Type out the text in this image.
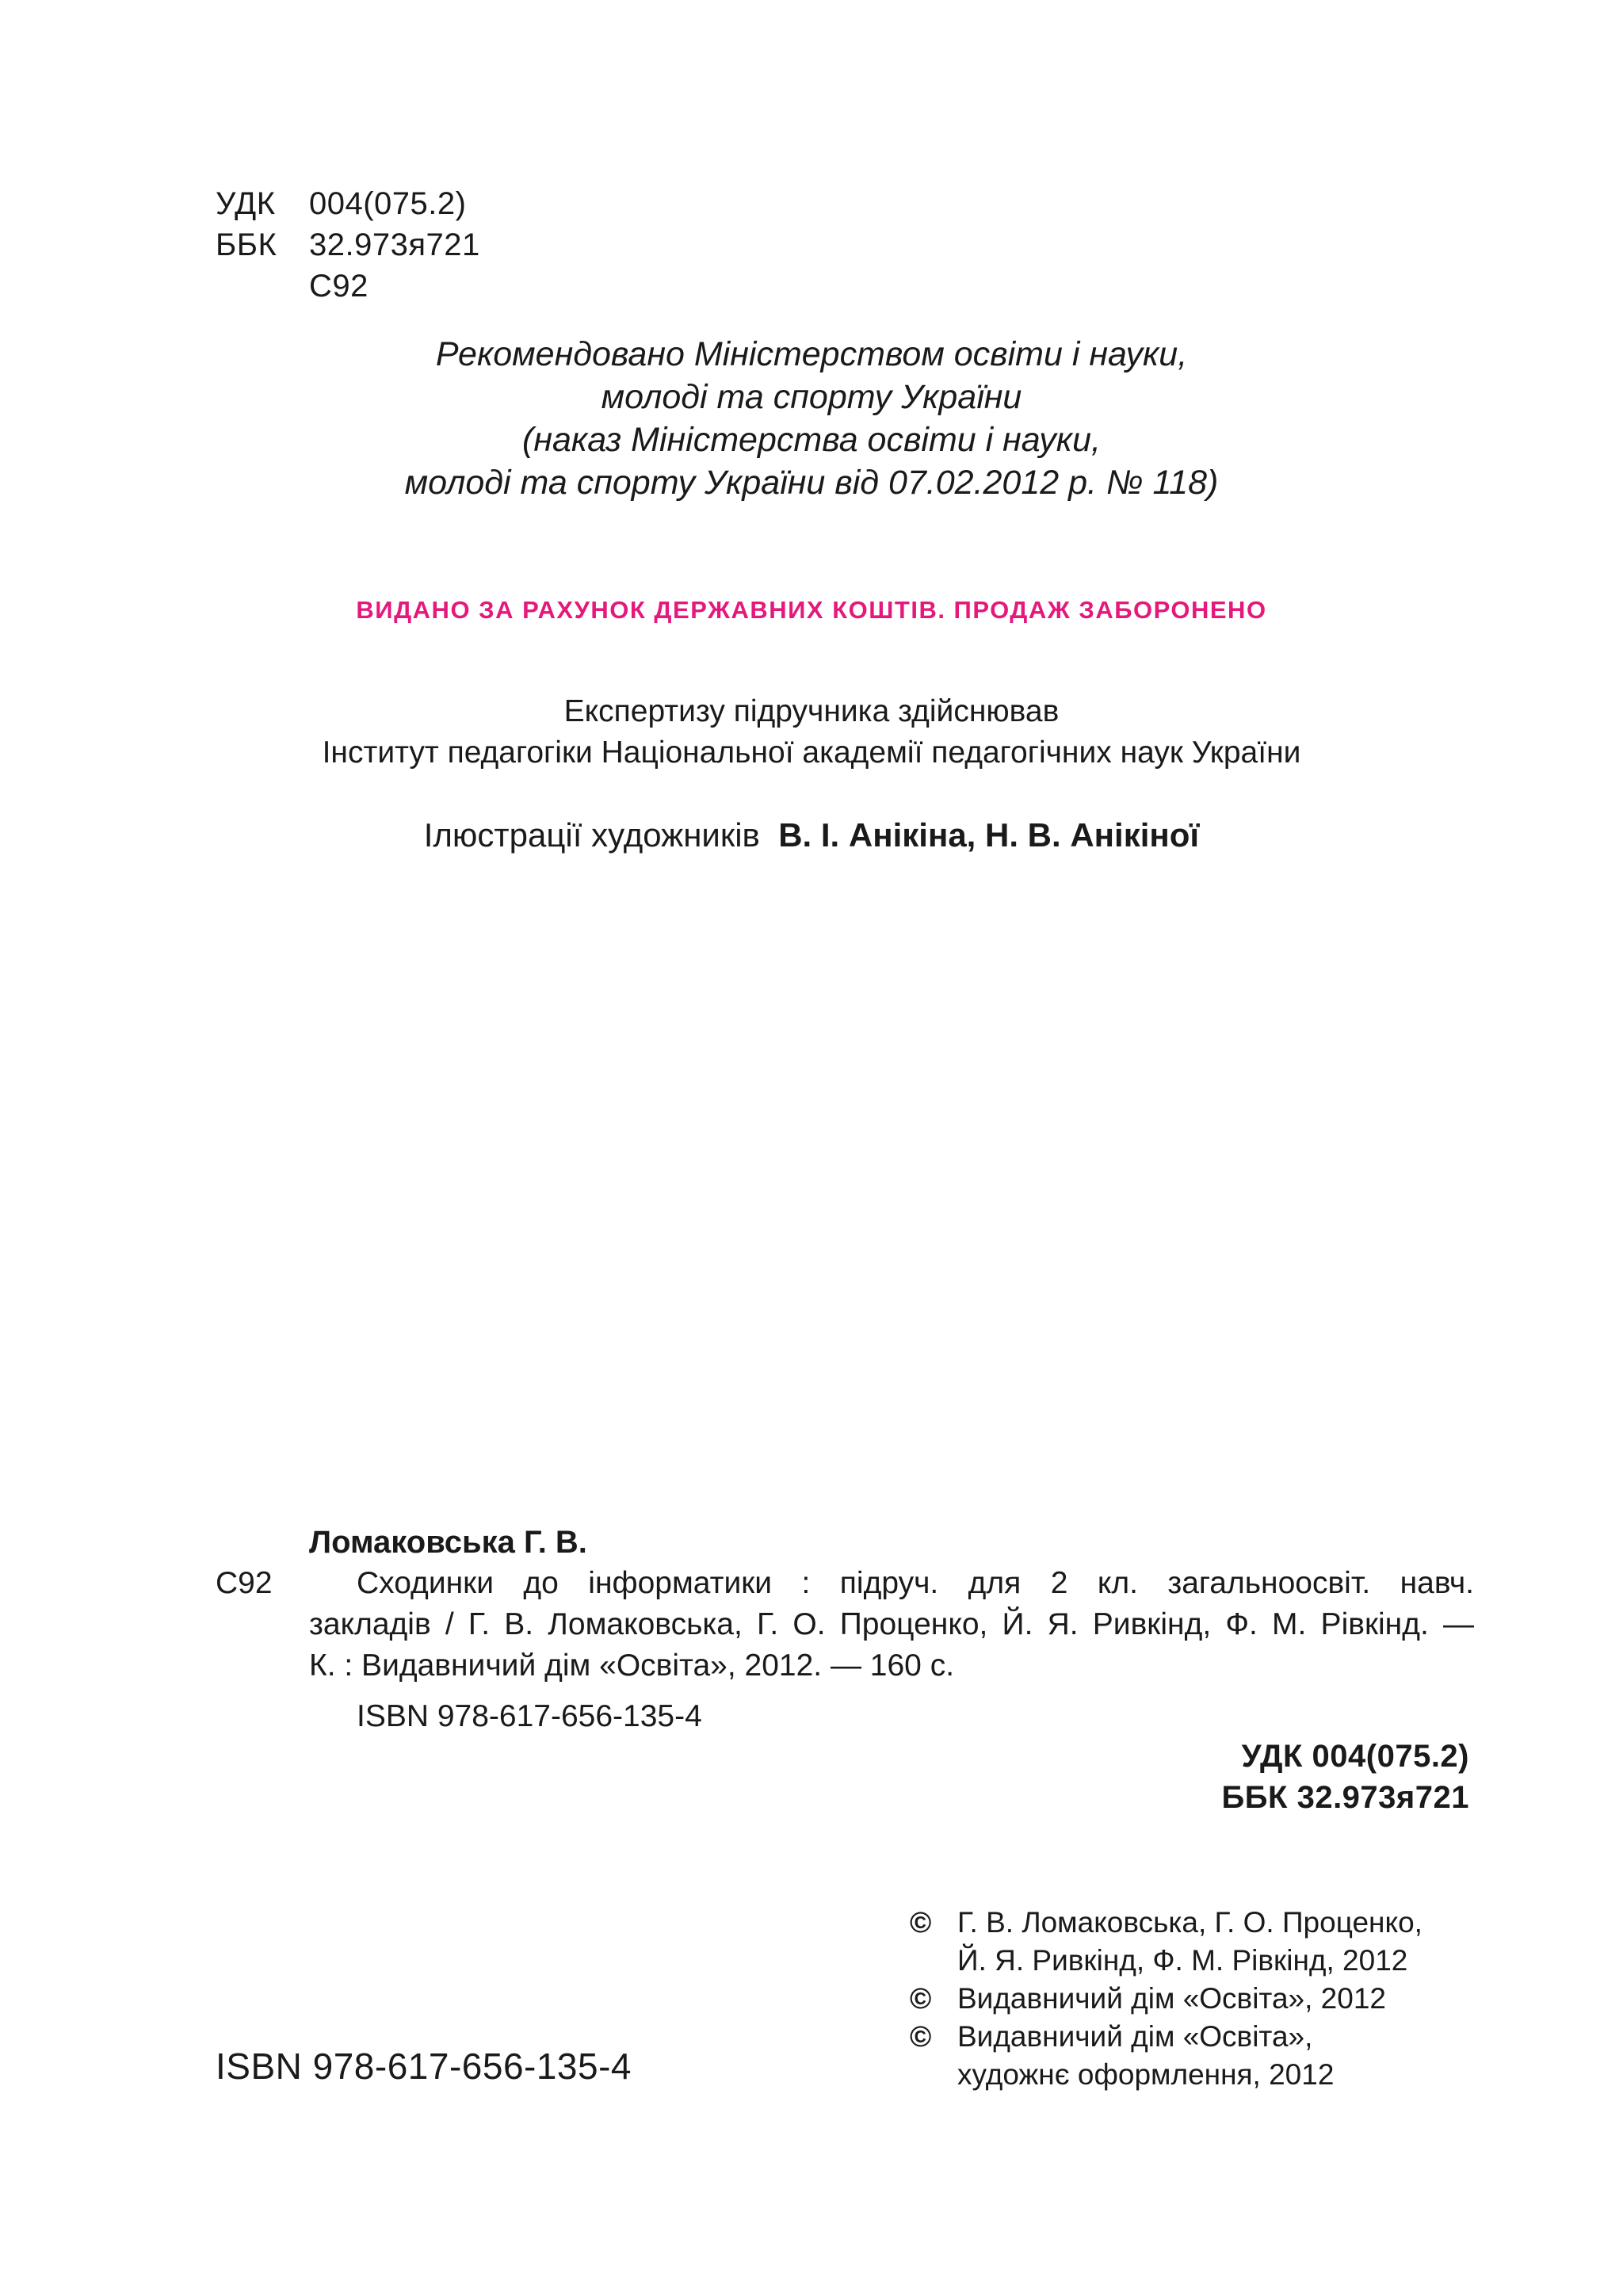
УДК 004(075.2)
ББК 32.973я721
С92
Рекомендовано Міністерством освіти і науки,
молоді та спорту України
(наказ Міністерства освіти і науки,
молоді та спорту України від 07.02.2012 р. № 118)
ВИДАНО ЗА РАХУНОК ДЕРЖАВНИХ КОШТІВ. ПРОДАЖ ЗАБОРОНЕНО
Експертизу підручника здійснював
Інститут педагогіки Національної академії педагогічних наук України
Ілюстрації художників В. І. Анікіна, Н. В. Анікіної
Ломаковська Г. В.
С92	Сходинки до інформатики : підруч. для 2 кл. загальноосвіт. навч.
закладів / Г. В. Ломаковська, Г. О. Проценко, Й. Я. Ривкінд, Ф. М. Рівкінд. —
К. : Видавничий дім «Освіта», 2012. — 160 с.
ISBN 978-617-656-135-4
УДК 004(075.2)
ББК 32.973я721
© Г. В. Ломаковська, Г. О. Проценко,
Й. Я. Ривкінд, Ф. М. Рівкінд, 2012
© Видавничий дім «Освіта», 2012
© Видавничий дім «Освіта»,
художнє оформлення, 2012
ISBN 978-617-656-135-4
